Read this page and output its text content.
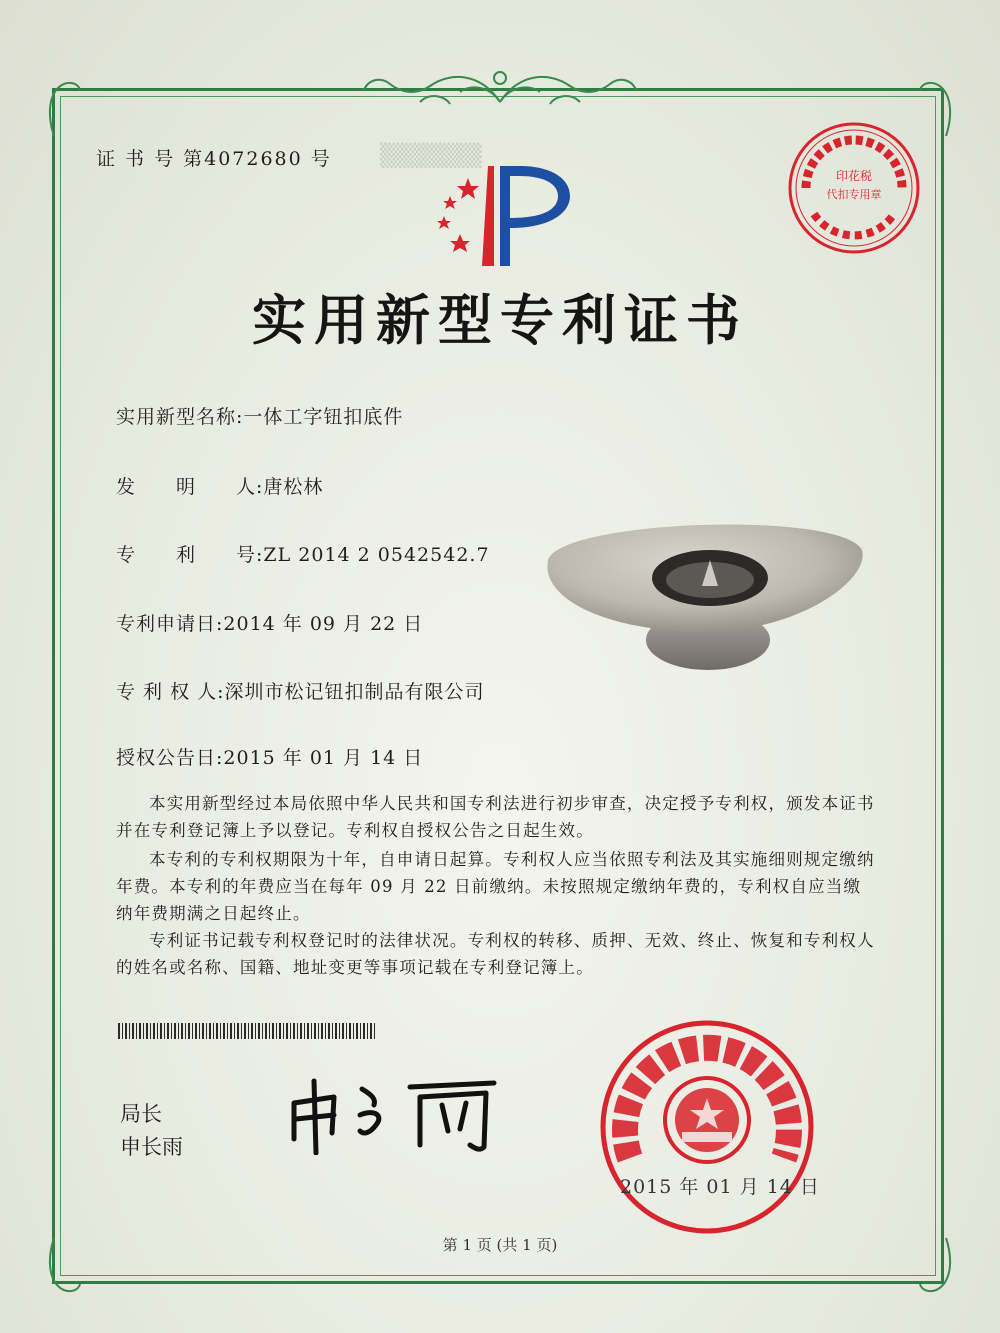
证 书 号 第4072680 号
印花税
代扣专用章
▒▒▒▒▒▒
实用新型专利证书
实用新型名称:一体工字钮扣底件
发　　明　　人:唐松林
专　　利　　号:ZL 2014 2 0542542.7
专利申请日:2014 年 09 月 22 日
专 利 权 人:深圳市松记钮扣制品有限公司
授权公告日:2015 年 01 月 14 日
本实用新型经过本局依照中华人民共和国专利法进行初步审查，决定授予专利权，颁发本证书并在专利登记簿上予以登记。专利权自授权公告之日起生效。
本专利的专利权期限为十年，自申请日起算。专利权人应当依照专利法及其实施细则规定缴纳年费。本专利的年费应当在每年 09 月 22 日前缴纳。未按照规定缴纳年费的，专利权自应当缴纳年费期满之日起终止。
专利证书记载专利权登记时的法律状况。专利权的转移、质押、无效、终止、恢复和专利权人的姓名或名称、国籍、地址变更等事项记载在专利登记簿上。
局长
申长雨
2015 年 01 月 14 日
第 1 页 (共 1 页)
